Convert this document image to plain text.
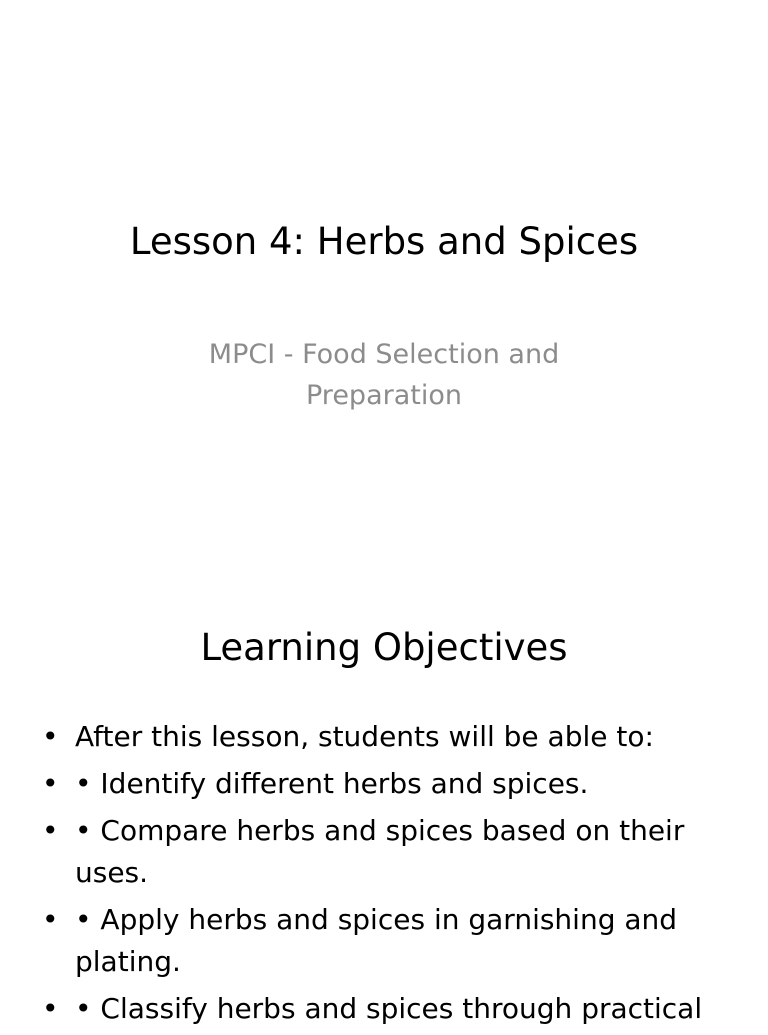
Lesson 4: Herbs and Spices

MPCI - Food Selection and
Preparation

Learning Objectives
• After this lesson, students will be able to:
• • Identify different herbs and spices.
• • Compare herbs and spices based on their uses.
• • Apply herbs and spices in garnishing and plating.
• • Classify herbs and spices through practical
